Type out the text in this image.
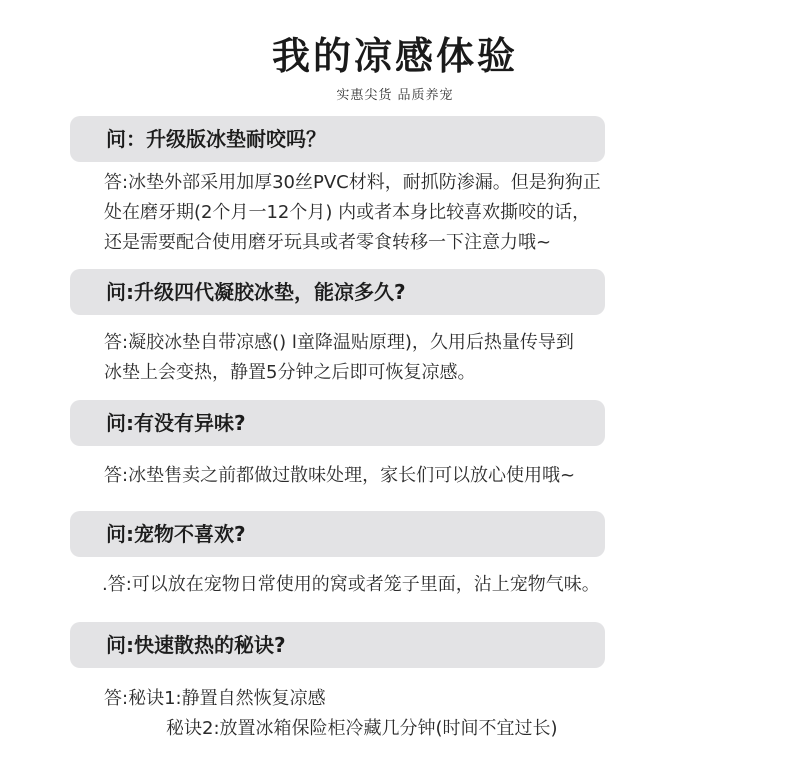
我的凉感体验
实惠尖货 品质养宠
问：升级版冰垫耐咬吗？
答:冰垫外部采用加厚30丝PVC材料，耐抓防渗漏。但是狗狗正
处在磨牙期(2个月一12个月) 内或者本身比较喜欢撕咬的话，
还是需要配合使用磨牙玩具或者零食转移一下注意力哦~
问:升级四代凝胶冰垫，能凉多久?
答:凝胶冰垫自带凉感() l童降温贴原理)，久用后热量传导到
冰垫上会变热，静置5分钟之后即可恢复凉感。
问:有没有异味?
答:冰垫售卖之前都做过散味处理，家长们可以放心使用哦~
问:宠物不喜欢?
.答:可以放在宠物日常使用的窝或者笼子里面，沾上宠物气味。
问:快速散热的秘诀?
答:秘诀1:静置自然恢复凉感
秘诀2:放置冰箱保险柜冷藏几分钟(时间不宜过长)
